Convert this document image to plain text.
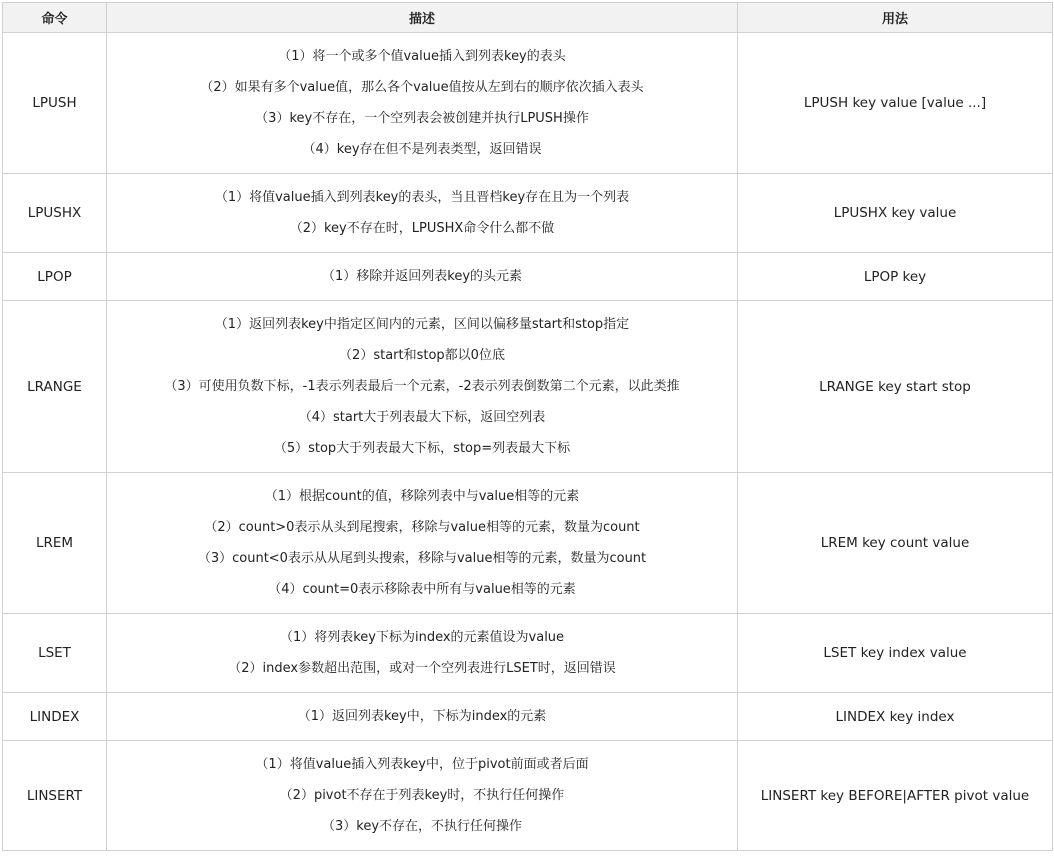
命令	描述	用法
LPUSH	（1）将一个或多个值value插入到列表key的表头
（2）如果有多个value值，那么各个value值按从左到右的顺序依次插入表头
（3）key不存在，一个空列表会被创建并执行LPUSH操作
（4）key存在但不是列表类型，返回错误	LPUSH key value [value ...]
LPUSHX	（1）将值value插入到列表key的表头，当且晋档key存在且为一个列表
（2）key不存在时，LPUSHX命令什么都不做	LPUSHX key value
LPOP	（1）移除并返回列表key的头元素	LPOP key
LRANGE	（1）返回列表key中指定区间内的元素，区间以偏移量start和stop指定
（2）start和stop都以0位底
（3）可使用负数下标，-1表示列表最后一个元素，-2表示列表倒数第二个元素，以此类推
（4）start大于列表最大下标，返回空列表
（5）stop大于列表最大下标，stop=列表最大下标	LRANGE key start stop
LREM	（1）根据count的值，移除列表中与value相等的元素
（2）count>0表示从头到尾搜索，移除与value相等的元素，数量为count
（3）count<0表示从从尾到头搜索，移除与value相等的元素，数量为count
（4）count=0表示移除表中所有与value相等的元素	LREM key count value
LSET	（1）将列表key下标为index的元素值设为value
（2）index参数超出范围，或对一个空列表进行LSET时，返回错误	LSET key index value
LINDEX	（1）返回列表key中，下标为index的元素	LINDEX key index
LINSERT	（1）将值value插入列表key中，位于pivot前面或者后面
（2）pivot不存在于列表key时，不执行任何操作
（3）key不存在，不执行任何操作	LINSERT key BEFORE|AFTER pivot value
